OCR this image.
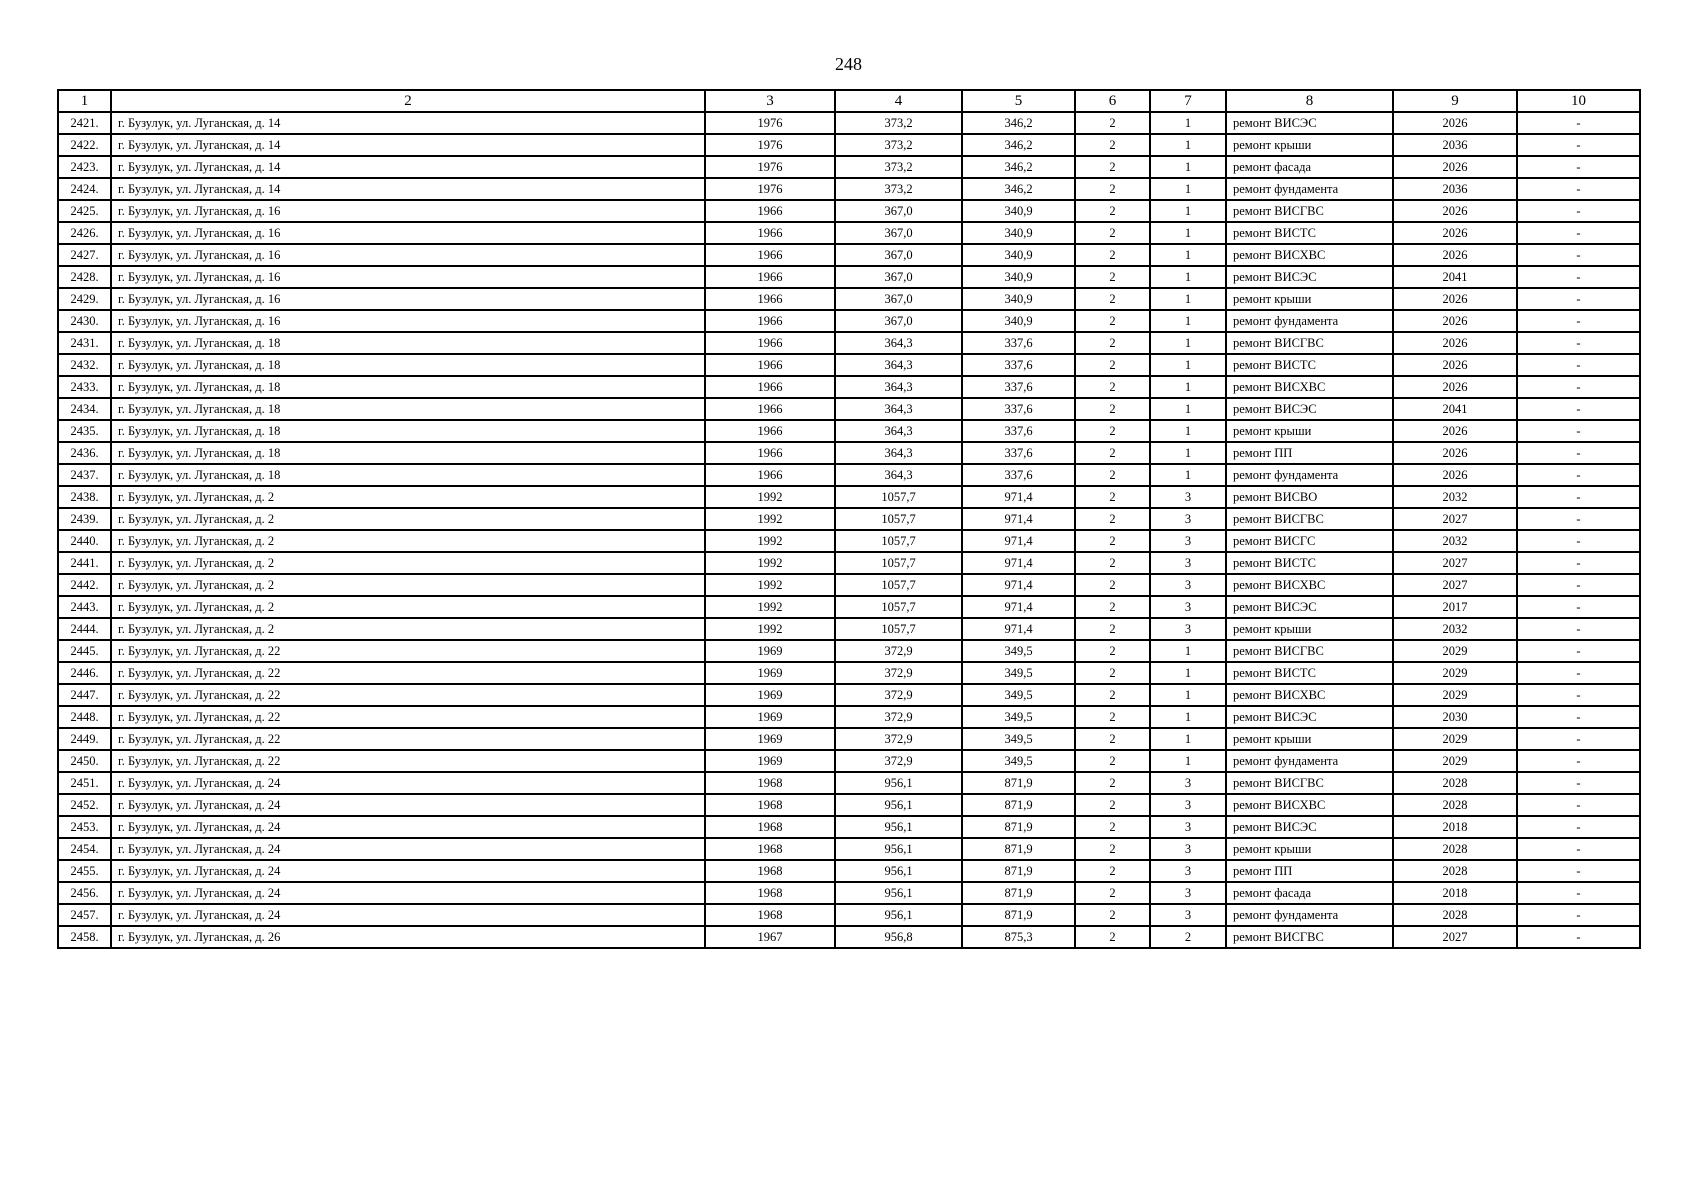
248
1	2	3	4	5	6	7	8	9	10
2421.	г. Бузулук, ул. Луганская, д. 14	1976	373,2	346,2	2	1	ремонт ВИСЭС	2026	-
2422.	г. Бузулук, ул. Луганская, д. 14	1976	373,2	346,2	2	1	ремонт крыши	2036	-
2423.	г. Бузулук, ул. Луганская, д. 14	1976	373,2	346,2	2	1	ремонт фасада	2026	-
2424.	г. Бузулук, ул. Луганская, д. 14	1976	373,2	346,2	2	1	ремонт фундамента	2036	-
2425.	г. Бузулук, ул. Луганская, д. 16	1966	367,0	340,9	2	1	ремонт ВИСГВС	2026	-
2426.	г. Бузулук, ул. Луганская, д. 16	1966	367,0	340,9	2	1	ремонт ВИСТС	2026	-
2427.	г. Бузулук, ул. Луганская, д. 16	1966	367,0	340,9	2	1	ремонт ВИСХВС	2026	-
2428.	г. Бузулук, ул. Луганская, д. 16	1966	367,0	340,9	2	1	ремонт ВИСЭС	2041	-
2429.	г. Бузулук, ул. Луганская, д. 16	1966	367,0	340,9	2	1	ремонт крыши	2026	-
2430.	г. Бузулук, ул. Луганская, д. 16	1966	367,0	340,9	2	1	ремонт фундамента	2026	-
2431.	г. Бузулук, ул. Луганская, д. 18	1966	364,3	337,6	2	1	ремонт ВИСГВС	2026	-
2432.	г. Бузулук, ул. Луганская, д. 18	1966	364,3	337,6	2	1	ремонт ВИСТС	2026	-
2433.	г. Бузулук, ул. Луганская, д. 18	1966	364,3	337,6	2	1	ремонт ВИСХВС	2026	-
2434.	г. Бузулук, ул. Луганская, д. 18	1966	364,3	337,6	2	1	ремонт ВИСЭС	2041	-
2435.	г. Бузулук, ул. Луганская, д. 18	1966	364,3	337,6	2	1	ремонт крыши	2026	-
2436.	г. Бузулук, ул. Луганская, д. 18	1966	364,3	337,6	2	1	ремонт ПП	2026	-
2437.	г. Бузулук, ул. Луганская, д. 18	1966	364,3	337,6	2	1	ремонт фундамента	2026	-
2438.	г. Бузулук, ул. Луганская, д. 2	1992	1057,7	971,4	2	3	ремонт ВИСВО	2032	-
2439.	г. Бузулук, ул. Луганская, д. 2	1992	1057,7	971,4	2	3	ремонт ВИСГВС	2027	-
2440.	г. Бузулук, ул. Луганская, д. 2	1992	1057,7	971,4	2	3	ремонт ВИСГС	2032	-
2441.	г. Бузулук, ул. Луганская, д. 2	1992	1057,7	971,4	2	3	ремонт ВИСТС	2027	-
2442.	г. Бузулук, ул. Луганская, д. 2	1992	1057,7	971,4	2	3	ремонт ВИСХВС	2027	-
2443.	г. Бузулук, ул. Луганская, д. 2	1992	1057,7	971,4	2	3	ремонт ВИСЭС	2017	-
2444.	г. Бузулук, ул. Луганская, д. 2	1992	1057,7	971,4	2	3	ремонт крыши	2032	-
2445.	г. Бузулук, ул. Луганская, д. 22	1969	372,9	349,5	2	1	ремонт ВИСГВС	2029	-
2446.	г. Бузулук, ул. Луганская, д. 22	1969	372,9	349,5	2	1	ремонт ВИСТС	2029	-
2447.	г. Бузулук, ул. Луганская, д. 22	1969	372,9	349,5	2	1	ремонт ВИСХВС	2029	-
2448.	г. Бузулук, ул. Луганская, д. 22	1969	372,9	349,5	2	1	ремонт ВИСЭС	2030	-
2449.	г. Бузулук, ул. Луганская, д. 22	1969	372,9	349,5	2	1	ремонт крыши	2029	-
2450.	г. Бузулук, ул. Луганская, д. 22	1969	372,9	349,5	2	1	ремонт фундамента	2029	-
2451.	г. Бузулук, ул. Луганская, д. 24	1968	956,1	871,9	2	3	ремонт ВИСГВС	2028	-
2452.	г. Бузулук, ул. Луганская, д. 24	1968	956,1	871,9	2	3	ремонт ВИСХВС	2028	-
2453.	г. Бузулук, ул. Луганская, д. 24	1968	956,1	871,9	2	3	ремонт ВИСЭС	2018	-
2454.	г. Бузулук, ул. Луганская, д. 24	1968	956,1	871,9	2	3	ремонт крыши	2028	-
2455.	г. Бузулук, ул. Луганская, д. 24	1968	956,1	871,9	2	3	ремонт ПП	2028	-
2456.	г. Бузулук, ул. Луганская, д. 24	1968	956,1	871,9	2	3	ремонт фасада	2018	-
2457.	г. Бузулук, ул. Луганская, д. 24	1968	956,1	871,9	2	3	ремонт фундамента	2028	-
2458.	г. Бузулук, ул. Луганская, д. 26	1967	956,8	875,3	2	2	ремонт ВИСГВС	2027	-
